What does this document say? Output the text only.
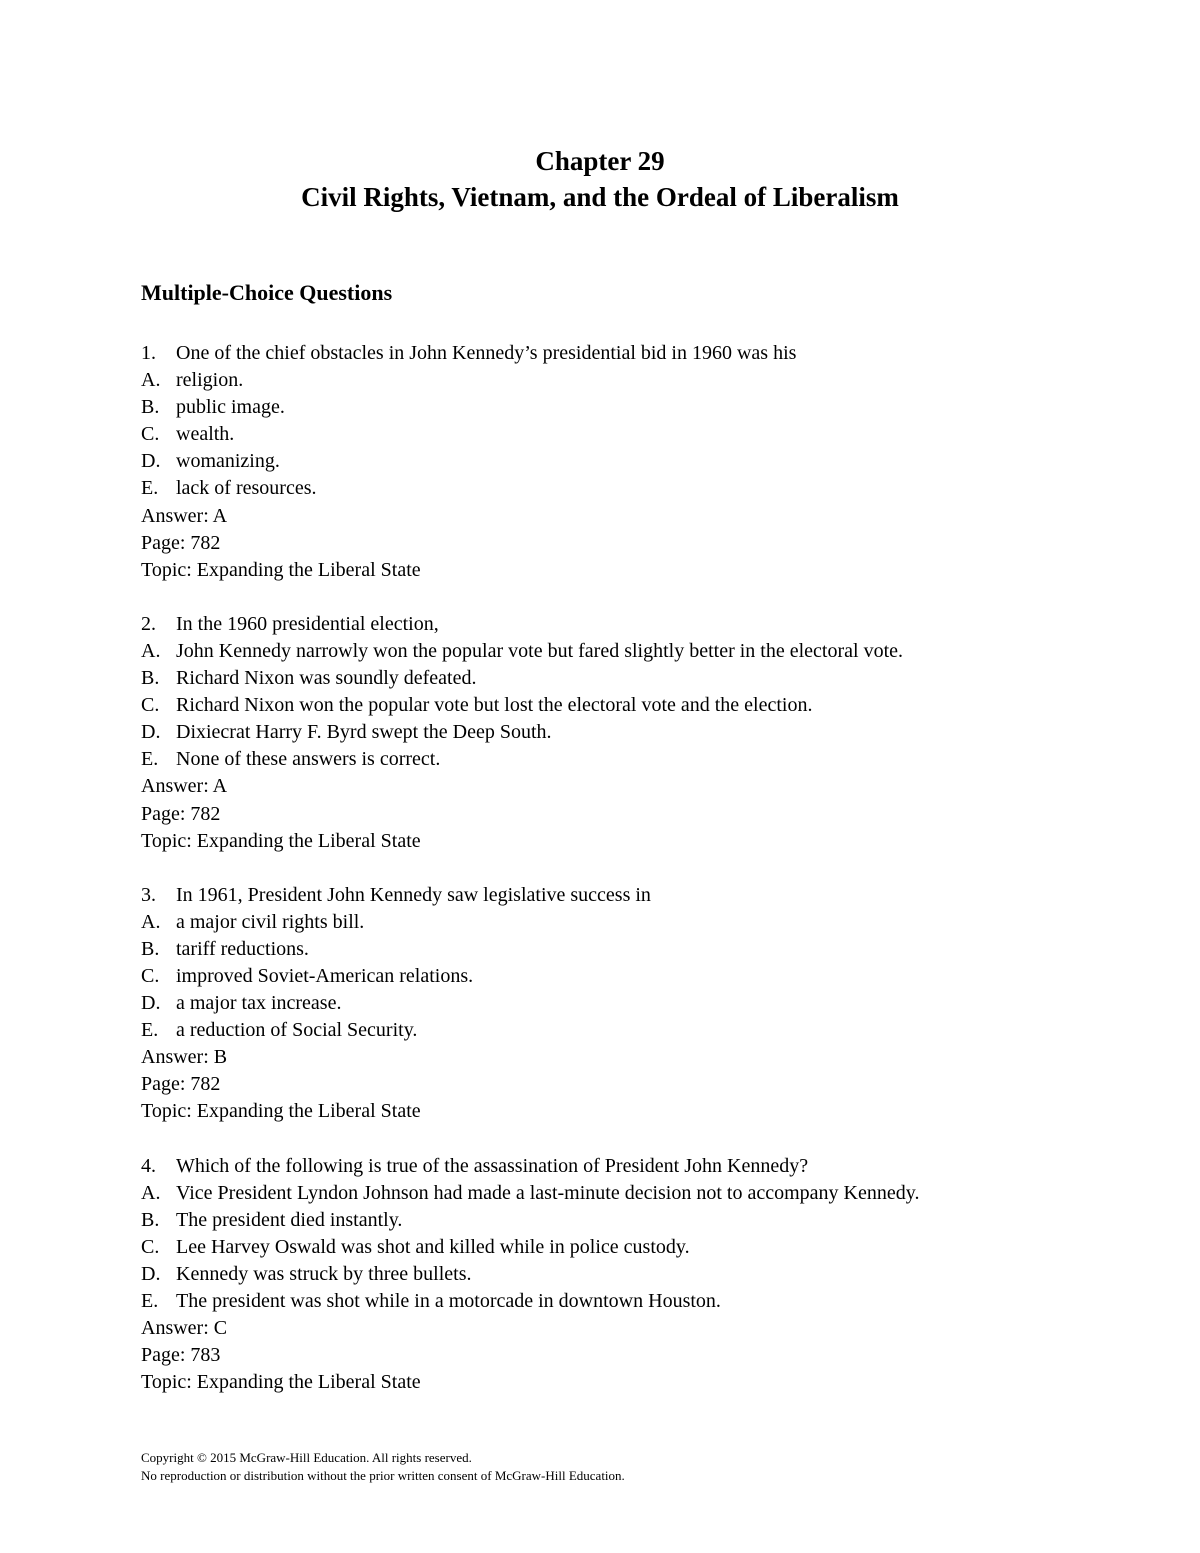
Chapter 29
Civil Rights, Vietnam, and the Ordeal of Liberalism
Multiple-Choice Questions
1.	One of the chief obstacles in John Kennedy’s presidential bid in 1960 was his
A. religion.
B. public image.
C. wealth.
D. womanizing.
E. lack of resources.
Answer: A
Page: 782
Topic: Expanding the Liberal State
2.	In the 1960 presidential election,
A. John Kennedy narrowly won the popular vote but fared slightly better in the electoral vote.
B. Richard Nixon was soundly defeated.
C. Richard Nixon won the popular vote but lost the electoral vote and the election.
D. Dixiecrat Harry F. Byrd swept the Deep South.
E. None of these answers is correct.
Answer: A
Page: 782
Topic: Expanding the Liberal State
3.	In 1961, President John Kennedy saw legislative success in
A. a major civil rights bill.
B. tariff reductions.
C. improved Soviet-American relations.
D. a major tax increase.
E. a reduction of Social Security.
Answer: B
Page: 782
Topic: Expanding the Liberal State
4.	Which of the following is true of the assassination of President John Kennedy?
A. Vice President Lyndon Johnson had made a last-minute decision not to accompany Kennedy.
B. The president died instantly.
C. Lee Harvey Oswald was shot and killed while in police custody.
D. Kennedy was struck by three bullets.
E. The president was shot while in a motorcade in downtown Houston.
Answer: C
Page: 783
Topic: Expanding the Liberal State
Copyright © 2015 McGraw-Hill Education. All rights reserved.
No reproduction or distribution without the prior written consent of McGraw-Hill Education.
